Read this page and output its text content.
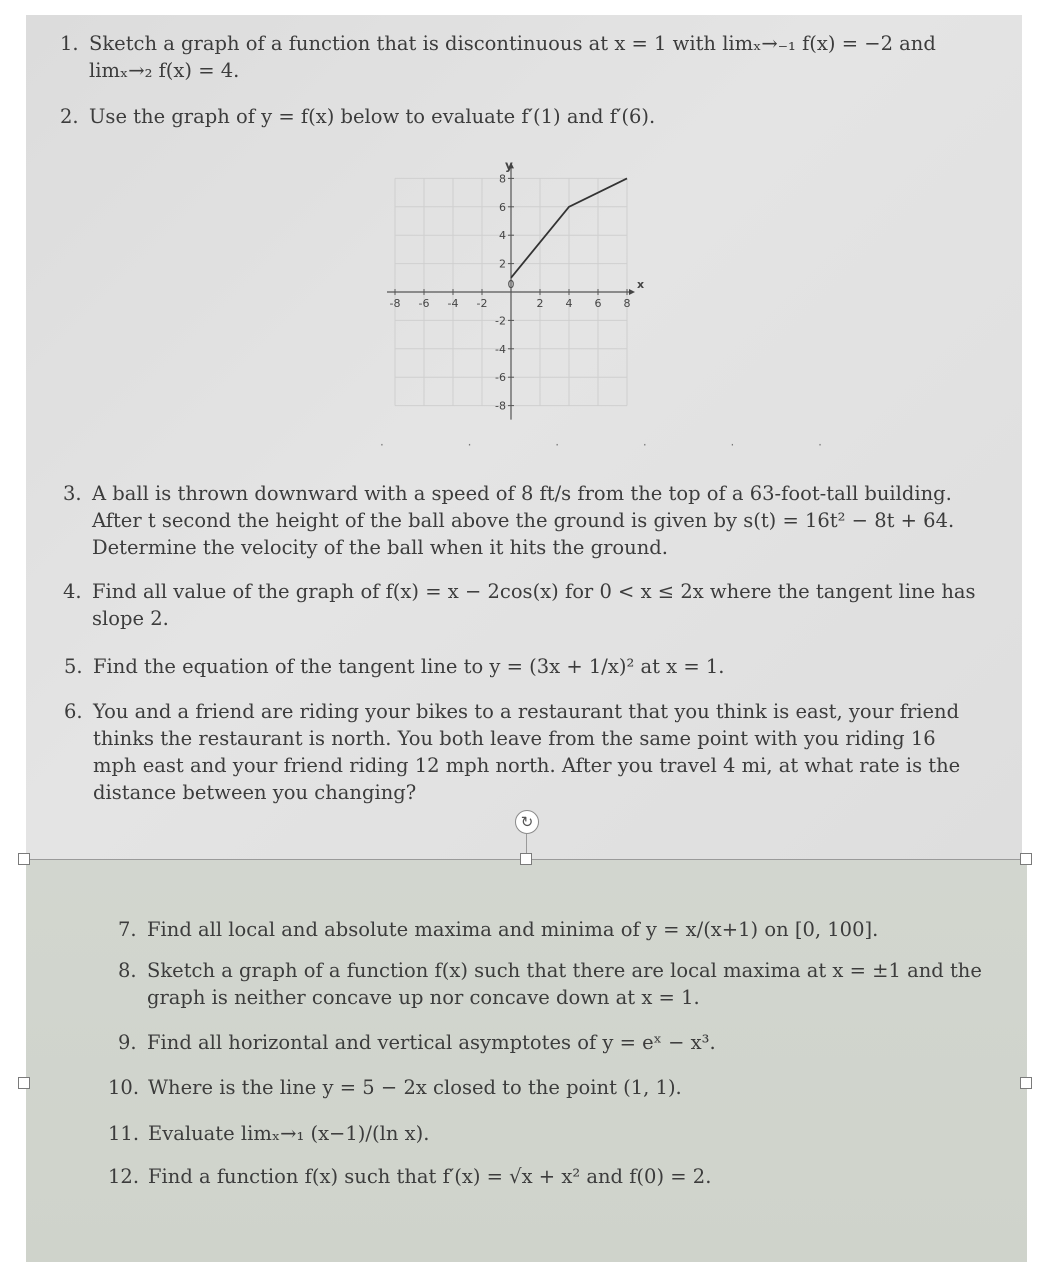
↻
1. Sketch a graph of a function that is discontinuous at x = 1 with limₓ→₋₁ f(x) = −2 and
limₓ→₂ f(x) = 4.
2. Use the graph of y = f(x) below to evaluate f′(1) and f′(6).
x
y
-8 -6 -4 -2
0
2 4 6 8
8
6
4
2
-2
-4
-6
-8
· · · · · ·
3. A ball is thrown downward with a speed of 8 ft/s from the top of a 63-foot-tall building.
After t second the height of the ball above the ground is given by s(t) = 16t² − 8t + 64.
Determine the velocity of the ball when it hits the ground.
4. Find all value of the graph of f(x) = x − 2cos(x) for 0 < x ≤ 2x where the tangent line has
slope 2.
5. Find the equation of the tangent line to y = (3x + 1/x)² at x = 1.
6. You and a friend are riding your bikes to a restaurant that you think is east, your friend
thinks the restaurant is north. You both leave from the same point with you riding 16
mph east and your friend riding 12 mph north. After you travel 4 mi, at what rate is the
distance between you changing?
7. Find all local and absolute maxima and minima of y = x/(x+1) on [0, 100].
8. Sketch a graph of a function f(x) such that there are local maxima at x = ±1 and the
graph is neither concave up nor concave down at x = 1.
9. Find all horizontal and vertical asymptotes of y = eˣ − x³.
10. Where is the line y = 5 − 2x closed to the point (1, 1).
11. Evaluate limₓ→₁ (x−1)/(ln x).
12. Find a function f(x) such that f′(x) = √x + x² and f(0) = 2.
